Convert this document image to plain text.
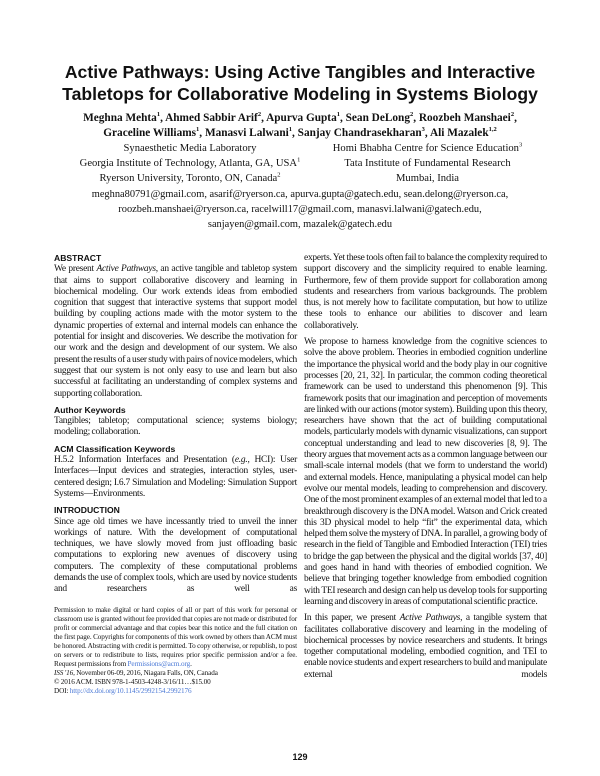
Active Pathways: Using Active Tangibles and Interactive
Tabletops for Collaborative Modeling in Systems Biology
Meghna Mehta$^1$, Ahmed Sabbir Arif$^2$, Apurva Gupta$^1$, Sean DeLong$^2$, Roozbeh Manshaei$^2$,
Graceline Williams$^1$, Manasvi Lalwani$^1$, Sanjay Chandrasekharan$^3$, Ali Mazalek$^{1,2}$
Synaesthetic Media Laboratory
Georgia Institute of Technology, Atlanta, GA, USA$^1$
Ryerson University, Toronto, ON, Canada$^2$
Homi Bhabha Centre for Science Education$^3$
Tata Institute of Fundamental Research
Mumbai, India
meghna80791@gmail.com, asarif@ryerson.ca, apurva.gupta@gatech.edu, sean.delong@ryerson.ca,
roozbeh.manshaei@ryerson.ca, racelwill17@gmail.com, manasvi.lalwani@gatech.edu,
sanjayen@gmail.com, mazalek@gatech.edu
ABSTRACT

We present Active Pathways, an active tangible and tabletop system that aims to support collaborative discovery and learning in biochemical modeling. Our work extends ideas from embodied cognition that suggest that interactive systems that support model building by coupling actions made with the motor system to the dynamic properties of external and internal models can enhance the potential for insight and discoveries. We describe the motivation for our work and the design and development of our system. We also present the results of a user study with pairs of novice modelers, which suggest that our system is not only easy to use and learn but also successful at facilitating an understanding of complex systems and supporting collaboration.

Author Keywords

Tangibles; tabletop; computational science; systems biology; modeling; collaboration.

ACM Classification Keywords

H.5.2 Information Interfaces and Presentation (e.g., HCI): User Interfaces—Input devices and strategies, interaction styles, user-centered design; I.6.7 Simulation and Modeling: Simulation Support Systems—Environments.

INTRODUCTION

Since age old times we have incessantly tried to unveil the inner workings of nature. With the development of computational techniques, we have slowly moved from just offloading basic computations to exploring new avenues of discovery using computers. The complexity of these computational problems demands the use of complex tools, which are used by novice students and researchers as well as

Permission to make digital or hard copies of all or part of this work for personal or classroom use is granted without fee provided that copies are not made or distributed for profit or commercial advantage and that copies bear this notice and the full citation on the first page. Copyrights for components of this work owned by others than ACM must be honored. Abstracting with credit is permitted. To copy otherwise, or republish, to post on servers or to redistribute to lists, requires prior specific permission and/or a fee. Request permissions from Permissions@acm.org.

ISS '16, November 06-09, 2016, Niagara Falls, ON, Canada

© 2016 ACM. ISBN 978-1-4503-4248-3/16/11…$15.00

DOI: http://dx.doi.org/10.1145/2992154.2992176

experts. Yet these tools often fail to balance the complexity required to support discovery and the simplicity required to enable learning. Furthermore, few of them provide support for collaboration among students and researchers from various backgrounds. The problem thus, is not merely how to facilitate computation, but how to utilize these tools to enhance our abilities to discover and learn collaboratively.

We propose to harness knowledge from the cognitive sciences to solve the above problem. Theories in embodied cognition underline the importance the physical world and the body play in our cognitive processes [20, 21, 32]. In particular, the common coding theoretical framework can be used to understand this phenomenon [9]. This framework posits that our imagination and perception of movements are linked with our actions (motor system). Building upon this theory, researchers have shown that the act of building computational models, particularly models with dynamic visualizations, can support conceptual understanding and lead to new discoveries [8, 9]. The theory argues that movement acts as a common language between our small-scale internal models (that we form to understand the world) and external models. Hence, manipulating a physical model can help evolve our mental models, leading to comprehension and discovery. One of the most prominent examples of an external model that led to a breakthrough discovery is the DNA model. Watson and Crick created this 3D physical model to help “fit” the experimental data, which helped them solve the mystery of DNA. In parallel, a growing body of research in the field of Tangible and Embodied Interaction (TEI) tries to bridge the gap between the physical and the digital worlds [37, 40] and goes hand in hand with theories of embodied cognition. We believe that bringing together knowledge from embodied cognition with TEI research and design can help us develop tools for supporting learning and discovery in areas of computational scientific practice.

In this paper, we present Active Pathways, a tangible system that facilitates collaborative discovery and learning in the modeling of biochemical processes by novice researchers and students. It brings together computational modeling, embodied cognition, and TEI to enable novice students and expert researchers to build and manipulate external models

129
